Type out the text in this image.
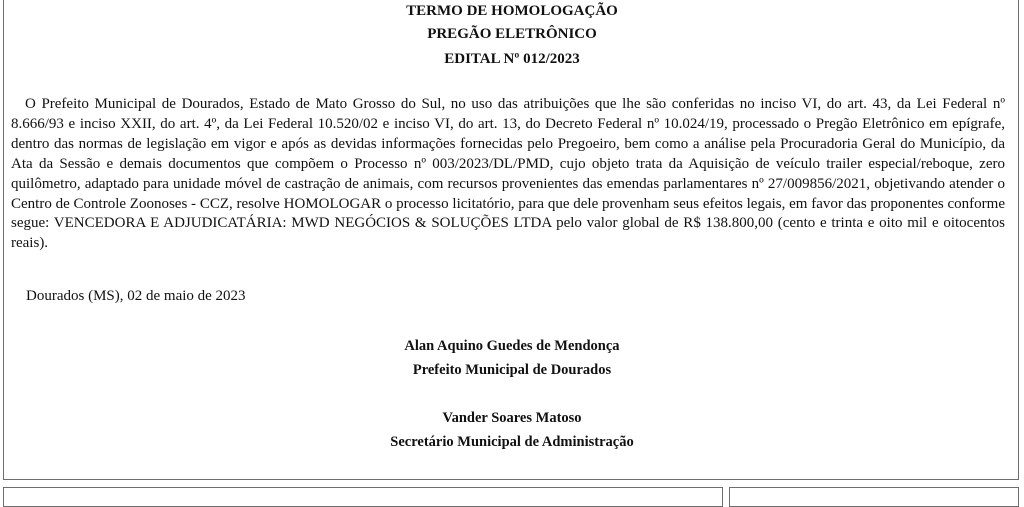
TERMO DE HOMOLOGAÇÃO
PREGÃO ELETRÔNICO
EDITAL Nº 012/2023

O Prefeito Municipal de Dourados, Estado de Mato Grosso do Sul, no uso das atribuições que lhe são conferidas no inciso VI, do art. 43, da Lei Federal nº 8.666/93 e inciso XXII, do art. 4º, da Lei Federal 10.520/02 e inciso VI, do art. 13, do Decreto Federal nº 10.024/19, processado o Pregão Eletrônico em epígrafe, dentro das normas de legislação em vigor e após as devidas informações fornecidas pelo Pregoeiro, bem como a análise pela Procuradoria Geral do Município, da Ata da Sessão e demais documentos que compõem o Processo nº 003/2023/DL/PMD, cujo objeto trata da Aquisição de veículo trailer especial/reboque, zero quilômetro, adaptado para unidade móvel de castração de animais, com recursos provenientes das emendas parlamentares nº 27/009856/2021, objetivando atender o Centro de Controle Zoonoses - CCZ, resolve HOMOLOGAR o processo licitatório, para que dele provenham seus efeitos legais, em favor das proponentes conforme segue: VENCEDORA E ADJUDICATÁRIA: MWD NEGÓCIOS & SOLUÇÕES LTDA pelo valor global de R$ 138.800,00 (cento e trinta e oito mil e oitocentos reais).

Dourados (MS), 02 de maio de 2023
Alan Aquino Guedes de Mendonça
Prefeito Municipal de Dourados
Vander Soares Matoso
Secretário Municipal de Administração
